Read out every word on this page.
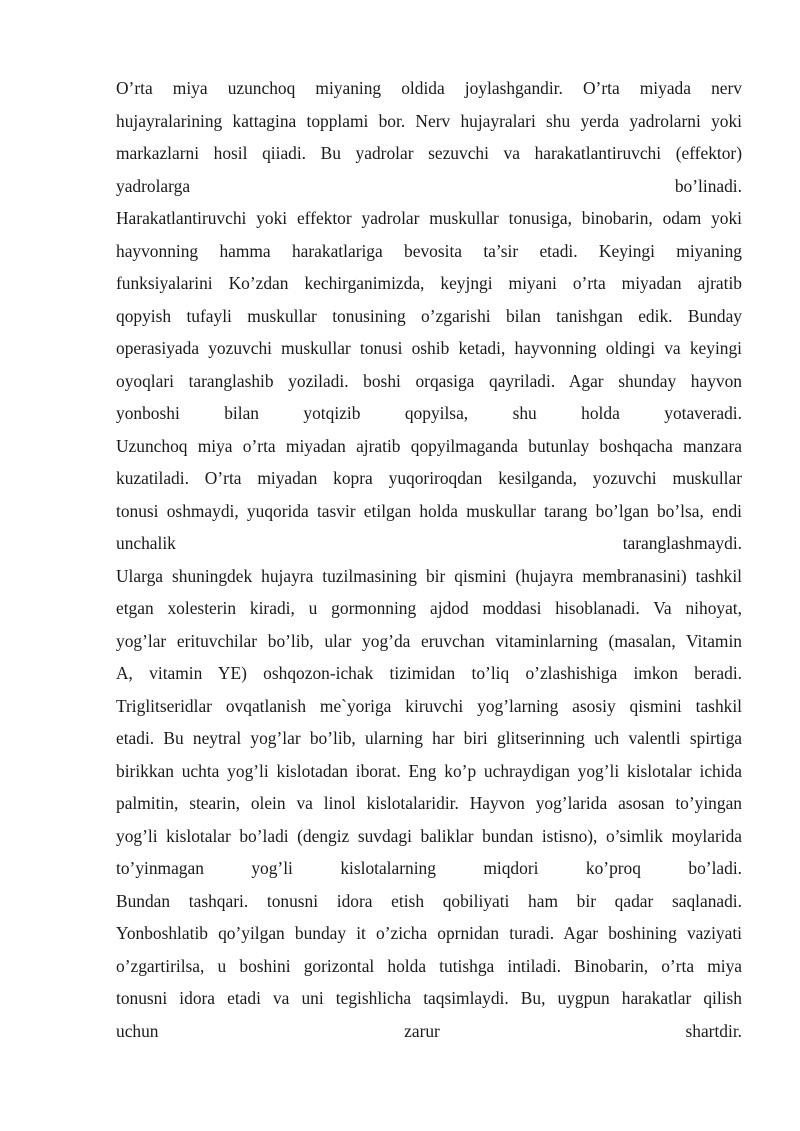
O’rta miya uzunchoq miyaning oldida joylashgandir. O’rta miyada nerv
hujayralarining kattagina topplami bor. Nerv hujayralari shu yerda yadrolarni yoki
markazlarni hosil qiiadi. Bu yadrolar sezuvchi va harakatlantiruvchi (effektor)
yadrolarga bo’linadi.
Harakatlantiruvchi yoki effektor yadrolar muskullar tonusiga, binobarin, odam yoki
hayvonning hamma harakatlariga bevosita ta’sir etadi. Keyingi miyaning
funksiyalarini Ko’zdan kechirganimizda, keyjngi miyani o’rta miyadan ajratib
qopyish tufayli muskullar tonusining o’zgarishi bilan tanishgan edik. Bunday
operasiyada yozuvchi muskullar tonusi oshib ketadi, hayvonning oldingi va keyingi
oyoqlari taranglashib yoziladi. boshi orqasiga qayriladi. Agar shunday hayvon
yonboshi bilan yotqizib qopyilsa, shu holda yotaveradi.
Uzunchoq miya o’rta miyadan ajratib qopyilmaganda butunlay boshqacha manzara
kuzatiladi. O’rta miyadan kopra yuqoriroqdan kesilganda, yozuvchi muskullar
tonusi oshmaydi, yuqorida tasvir etilgan holda muskullar tarang bo’lgan bo’lsa, endi
unchalik taranglashmaydi.
Ularga shuningdek hujayra tuzilmasining bir qismini (hujayra membranasini) tashkil
etgan xolesterin kiradi, u gormonning ajdod moddasi hisoblanadi. Va nihoyat,
yog’lar erituvchilar bo’lib, ular yog’da eruvchan vitaminlarning (masalan, Vitamin
A, vitamin YE) oshqozon-ichak tizimidan to’liq o’zlashishiga imkon beradi.
Triglitseridlar ovqatlanish me`yoriga kiruvchi yog’larning asosiy qismini tashkil
etadi. Bu neytral yog’lar bo’lib, ularning har biri glitserinning uch valentli spirtiga
birikkan uchta yog’li kislotadan iborat. Eng ko’p uchraydigan yog’li kislotalar ichida
palmitin, stearin, olein va linol kislotalaridir. Hayvon yog’larida asosan to’yingan
yog’li kislotalar bo’ladi (dengiz suvdagi baliklar bundan istisno), o’simlik moylarida
to’yinmagan yog’li kislotalarning miqdori ko’proq bo’ladi.
Bundan tashqari. tonusni idora etish qobiliyati ham bir qadar saqlanadi.
Yonboshlatib qo’yilgan bunday it o’zicha oprnidan turadi. Agar boshining vaziyati
o’zgartirilsa, u boshini gorizontal holda tutishga intiladi. Binobarin, o’rta miya
tonusni idora etadi va uni tegishlicha taqsimlaydi. Bu, uygpun harakatlar qilish
uchun zarur shartdir.
